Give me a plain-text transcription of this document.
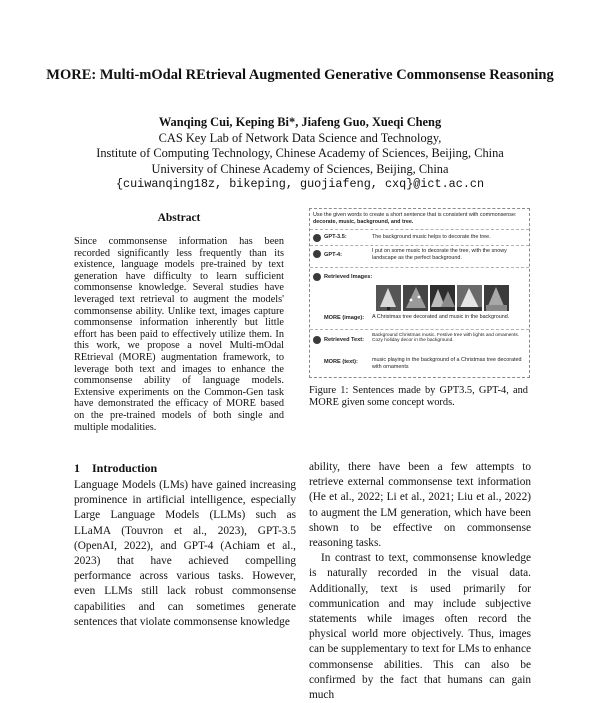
MORE: Multi-mOdal REtrieval Augmented Generative Commonsense Reasoning
Wanqing Cui, Keping Bi*, Jiafeng Guo, Xueqi Cheng
CAS Key Lab of Network Data Science and Technology,
Institute of Computing Technology, Chinese Academy of Sciences, Beijing, China
University of Chinese Academy of Sciences, Beijing, China
{cuiwanqing18z, bikeping, guojiafeng, cxq}@ict.ac.cn
Abstract

Since commonsense information has been recorded significantly less frequently than its existence, language models pre-trained by text generation have difficulty to learn sufficient commonsense knowledge. Several studies have leveraged text retrieval to augment the models' commonsense ability. Unlike text, images capture commonsense information inherently but little effort has been paid to effectively utilize them. In this work, we propose a novel Multi-mOdal REtrieval (MORE) augmentation framework, to leverage both text and images to enhance the commonsense ability of language models. Extensive experiments on the Common-Gen task have demonstrated the efficacy of MORE based on the pre-trained models of both single and multiple modalities.

1 Introduction

Language Models (LMs) have gained increasing prominence in artificial intelligence, especially Large Language Models (LLMs) such as LLaMA (Touvron et al., 2023), GPT-3.5 (OpenAI, 2022), and GPT-4 (Achiam et al., 2023) that have achieved compelling performance across various tasks. However, even LLMs still lack robust commonsense capabilities and can sometimes generate sentences that violate commonsense knowledge

Use the given words to create a short sentence that is consistent with commonsense: decorate, music, background, and tree.
GPT-3.5:	The background music helps to decorate the tree.
GPT-4:
I put on some music to decorate the tree, with the snowy landscape as the perfect background.
Retrieved Images:
MORE (image): A Christmas tree decorated and music in the background.
Retrieved Text:
Background Christmas music. Festive tree with lights and ornaments. Cozy holiday decor in the background.
MORE (text):	music playing in the background of a Christmas tree decorated with ornaments
Figure 1: Sentences made by GPT3.5, GPT-4, and MORE given some concept words.

ability, there have been a few attempts to retrieve external commonsense text information (He et al., 2022; Li et al., 2021; Liu et al., 2022) to augment the LM generation, which have been shown to be effective on commonsense reasoning tasks.

In contrast to text, commonsense knowledge is naturally recorded in the visual data. Additionally, text is used primarily for communication and may include subjective statements while images often record the physical world more objectively. Thus, images can be supplementary to text for LMs to enhance commonsense abilities. This can also be confirmed by the fact that humans can gain much
